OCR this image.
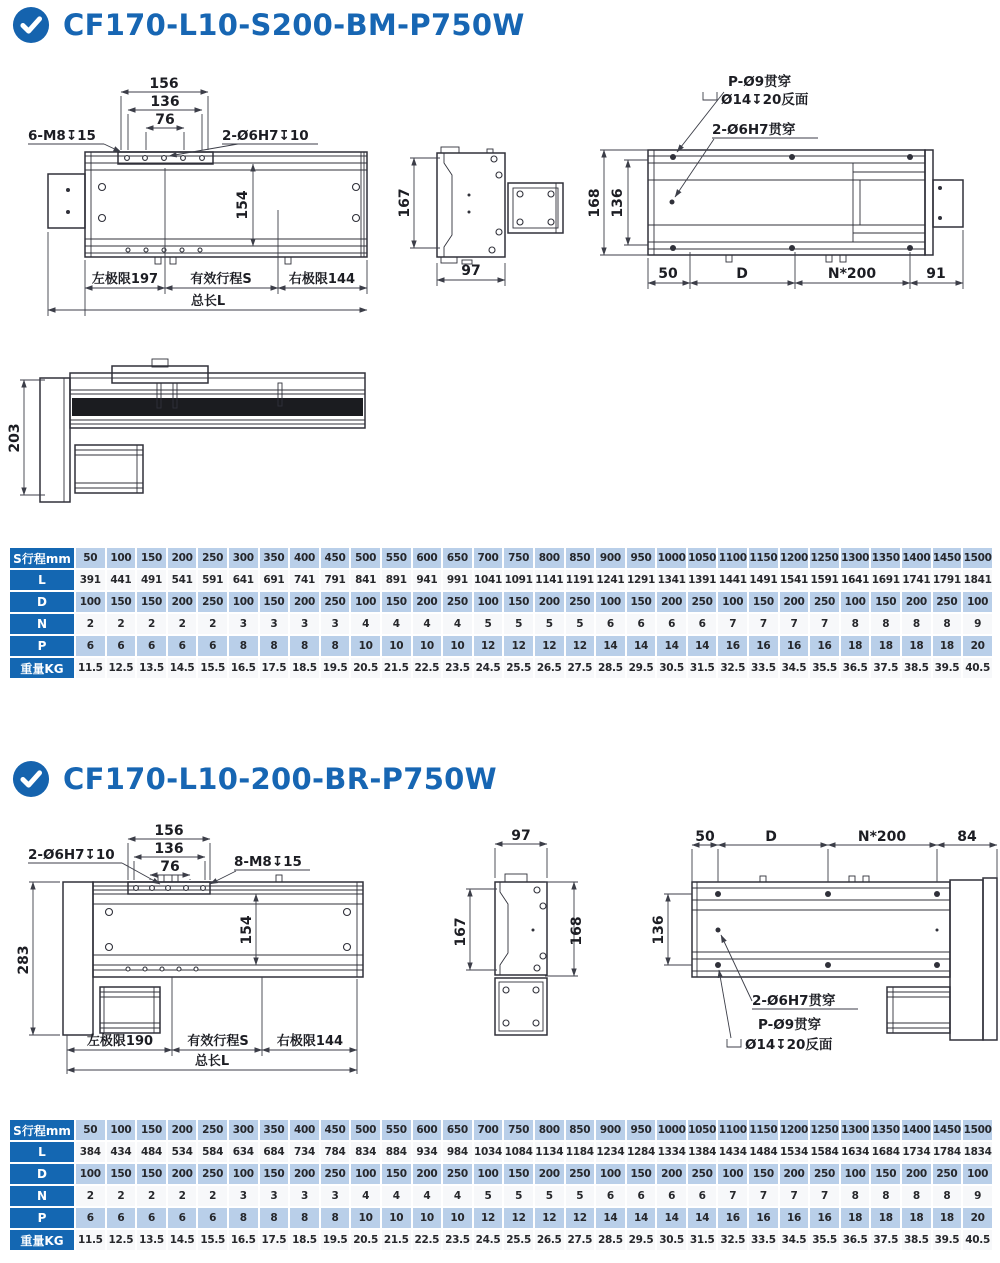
CF170-L10-S200-BM-P750W
156
136
76
6-M8↧15	2-Ø6H7↧10
154
左极限197 有效行程S	右极限144
总长L
167
97
P-Ø9贯穿
Ø14↧20反面
2-Ø6H7贯穿
168 136
50	D	N*200	91
203
S行程mm	50	100	150	200	250	300	350	400	450	500	550	600	650	700	750	800	850	900	950	1000	1050	1100	1150	1200	1250	1300	1350	1400	1450	1500
L	391	441	491	541	591	641	691	741	791	841	891	941	991	1041	1091	1141	1191	1241	1291	1341	1391	1441	1491	1541	1591	1641	1691	1741	1791	1841
D	100	150	150	200	250	100	150	200	250	100	150	200	250	100	150	200	250	100	150	200	250	100	150	200	250	100	150	200	250	100
N	2	2	2	2	2	3	3	3	3	4	4	4	4	5	5	5	5	6	6	6	6	7	7	7	7	8	8	8	8	9
P	6	6	6	6	6	8	8	8	8	10	10	10	10	12	12	12	12	14	14	14	14	16	16	16	16	18	18	18	18	20
重量KG	11.5	12.5	13.5	14.5	15.5	16.5	17.5	18.5	19.5	20.5	21.5	22.5	23.5	24.5	25.5	26.5	27.5	28.5	29.5	30.5	31.5	32.5	33.5	34.5	35.5	36.5	37.5	38.5	39.5	40.5
CF170-L10-200-BR-P750W
156
136
76
2-Ø6H7↧10	8-M8↧15
283
154
左极限190	有效行程S 右极限144
总长L
97
167	168
50	D	N*200	84
136
2-Ø6H7贯穿
P-Ø9贯穿
Ø14↧20反面
S行程mm	50	100	150	200	250	300	350	400	450	500	550	600	650	700	750	800	850	900	950	1000	1050	1100	1150	1200	1250	1300	1350	1400	1450	1500
L	384	434	484	534	584	634	684	734	784	834	884	934	984	1034	1084	1134	1184	1234	1284	1334	1384	1434	1484	1534	1584	1634	1684	1734	1784	1834
D	100	150	150	200	250	100	150	200	250	100	150	200	250	100	150	200	250	100	150	200	250	100	150	200	250	100	150	200	250	100
N	2	2	2	2	2	3	3	3	3	4	4	4	4	5	5	5	5	6	6	6	6	7	7	7	7	8	8	8	8	9
P	6	6	6	6	6	8	8	8	8	10	10	10	10	12	12	12	12	14	14	14	14	16	16	16	16	18	18	18	18	20
重量KG	11.5	12.5	13.5	14.5	15.5	16.5	17.5	18.5	19.5	20.5	21.5	22.5	23.5	24.5	25.5	26.5	27.5	28.5	29.5	30.5	31.5	32.5	33.5	34.5	35.5	36.5	37.5	38.5	39.5	40.5
